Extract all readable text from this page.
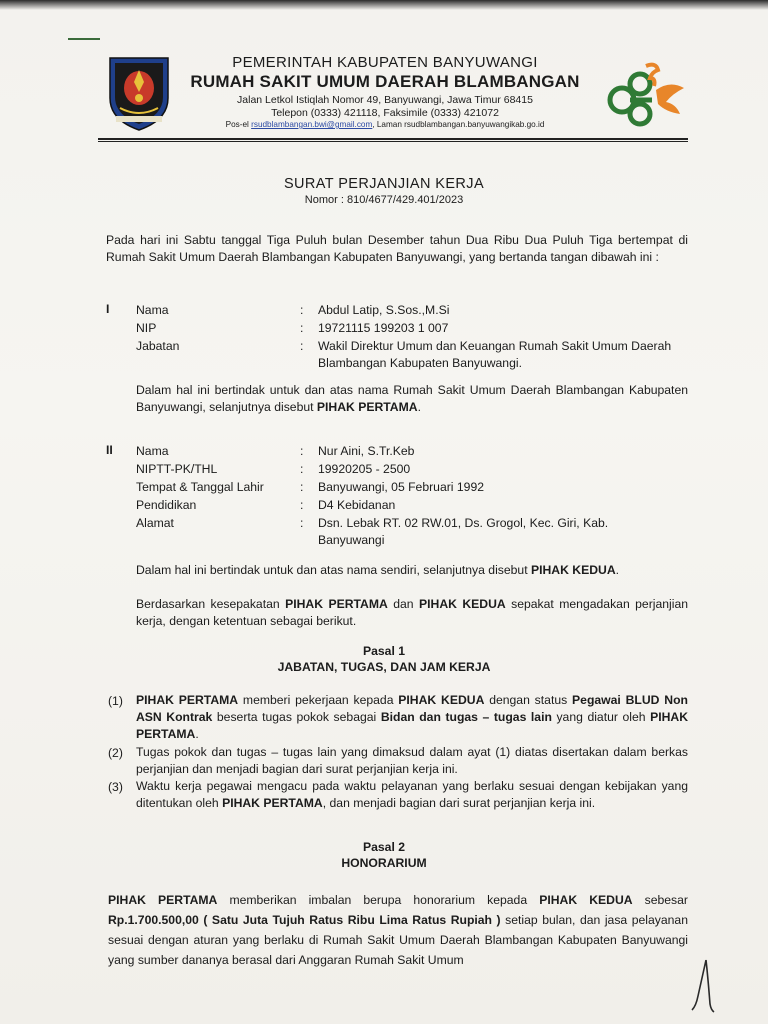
PEMERINTAH KABUPATEN BANYUWANGI
RUMAH SAKIT UMUM DAERAH BLAMBANGAN
Jalan Letkol Istiqlah Nomor 49, Banyuwangi, Jawa Timur 68415
Telepon (0333) 421118, Faksimile (0333) 421072
Pos-el rsudblambangan.bwi@gmail.com, Laman rsudblambangan.banyuwangikab.go.id
SURAT PERJANJIAN KERJA
Nomor : 810/4677/429.401/2023
Pada hari ini Sabtu tanggal Tiga Puluh bulan Desember tahun Dua Ribu Dua Puluh Tiga bertempat di Rumah Sakit Umum Daerah Blambangan Kabupaten Banyuwangi, yang bertanda tangan dibawah ini :
I Nama	: Abdul Latip, S.Sos.,M.Si
NIP	: 19721115 199203 1 007
Jabatan	: Wakil Direktur Umum dan Keuangan Rumah Sakit Umum Daerah Blambangan Kabupaten Banyuwangi.
Dalam hal ini bertindak untuk dan atas nama Rumah Sakit Umum Daerah Blambangan Kabupaten Banyuwangi, selanjutnya disebut PIHAK PERTAMA.
II Nama	: Nur Aini, S.Tr.Keb
NIPTT-PK/THL	: 19920205 - 2500
Tempat & Tanggal Lahir	: Banyuwangi, 05 Februari 1992
Pendidikan	: D4 Kebidanan
Alamat	: Dsn. Lebak RT. 02 RW.01, Ds. Grogol, Kec. Giri, Kab. Banyuwangi
Dalam hal ini bertindak untuk dan atas nama sendiri, selanjutnya disebut PIHAK KEDUA.
Berdasarkan kesepakatan PIHAK PERTAMA dan PIHAK KEDUA sepakat mengadakan perjanjian kerja, dengan ketentuan sebagai berikut.
Pasal 1
JABATAN, TUGAS, DAN JAM KERJA
(1) PIHAK PERTAMA memberi pekerjaan kepada PIHAK KEDUA dengan status Pegawai BLUD Non ASN Kontrak beserta tugas pokok sebagai Bidan dan tugas – tugas lain yang diatur oleh PIHAK PERTAMA.
(2) Tugas pokok dan tugas – tugas lain yang dimaksud dalam ayat (1) diatas disertakan dalam berkas perjanjian dan menjadi bagian dari surat perjanjian kerja ini.
(3) Waktu kerja pegawai mengacu pada waktu pelayanan yang berlaku sesuai dengan kebijakan yang ditentukan oleh PIHAK PERTAMA, dan menjadi bagian dari surat perjanjian kerja ini.
Pasal 2
HONORARIUM
PIHAK PERTAMA memberikan imbalan berupa honorarium kepada PIHAK KEDUA sebesar Rp.1.700.500,00 ( Satu Juta Tujuh Ratus Ribu Lima Ratus Rupiah ) setiap bulan, dan jasa pelayanan sesuai dengan aturan yang berlaku di Rumah Sakit Umum Daerah Blambangan Kabupaten Banyuwangi yang sumber dananya berasal dari Anggaran Rumah Sakit Umum
